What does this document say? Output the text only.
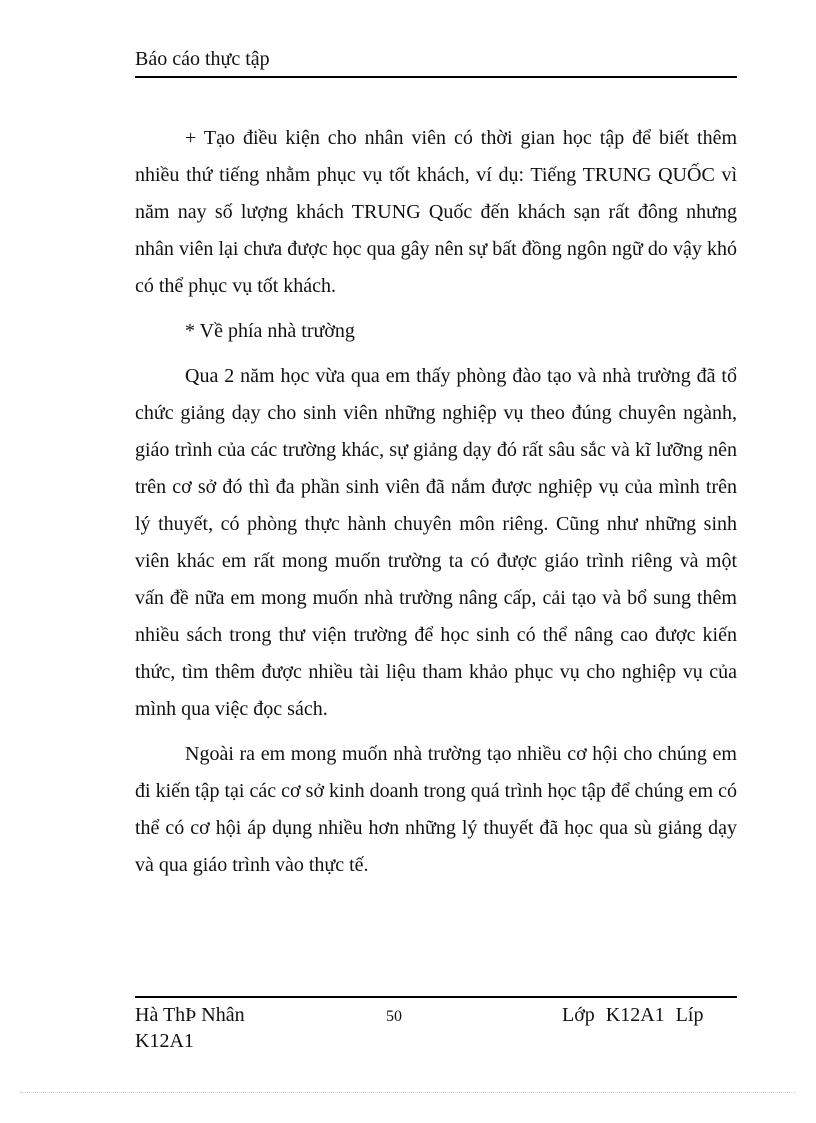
Báo cáo thực tập

+ Tạo điều kiện cho nhân viên có thời gian học tập để biết thêm nhiều thứ tiếng nhằm phục vụ tốt khách, ví dụ: Tiếng TRUNG QUỐC vì năm nay số lượng khách TRUNG Quốc đến khách sạn rất đông nhưng nhân viên lại chưa được học qua gây nên sự bất đồng ngôn ngữ do vậy khó có thể phục vụ tốt khách.

* Về phía nhà trường

Qua 2 năm học vừa qua em thấy phòng đào tạo và nhà trường đã tổ chức giảng dạy cho sinh viên những nghiệp vụ theo đúng chuyên ngành, giáo trình của các trường khác, sự giảng dạy đó rất sâu sắc và kĩ lưỡng nên trên cơ sở đó thì đa phần sinh viên đã nắm được nghiệp vụ của mình trên lý thuyết, có phòng thực hành chuyên môn riêng. Cũng như những sinh viên khác em rất mong muốn trường ta có được giáo trình riêng và một vấn đề nữa em mong muốn nhà trường nâng cấp, cải tạo và bổ sung thêm nhiều sách trong thư viện trường để học sinh có thể nâng cao được kiến thức, tìm thêm được nhiều tài liệu tham khảo phục vụ cho nghiệp vụ của mình qua việc đọc sách.

Ngoài ra em mong muốn nhà trường tạo nhiều cơ hội cho chúng em đi kiến tập tại các cơ sở kinh doanh trong quá trình học tập để chúng em có thể có cơ hội áp dụng nhiều hơn những lý thuyết đã học qua sù giảng dạy và qua giáo trình vào thực tế.

Hà ThÞ Nhân K12A1
50	Lớp K12A1 Líp
